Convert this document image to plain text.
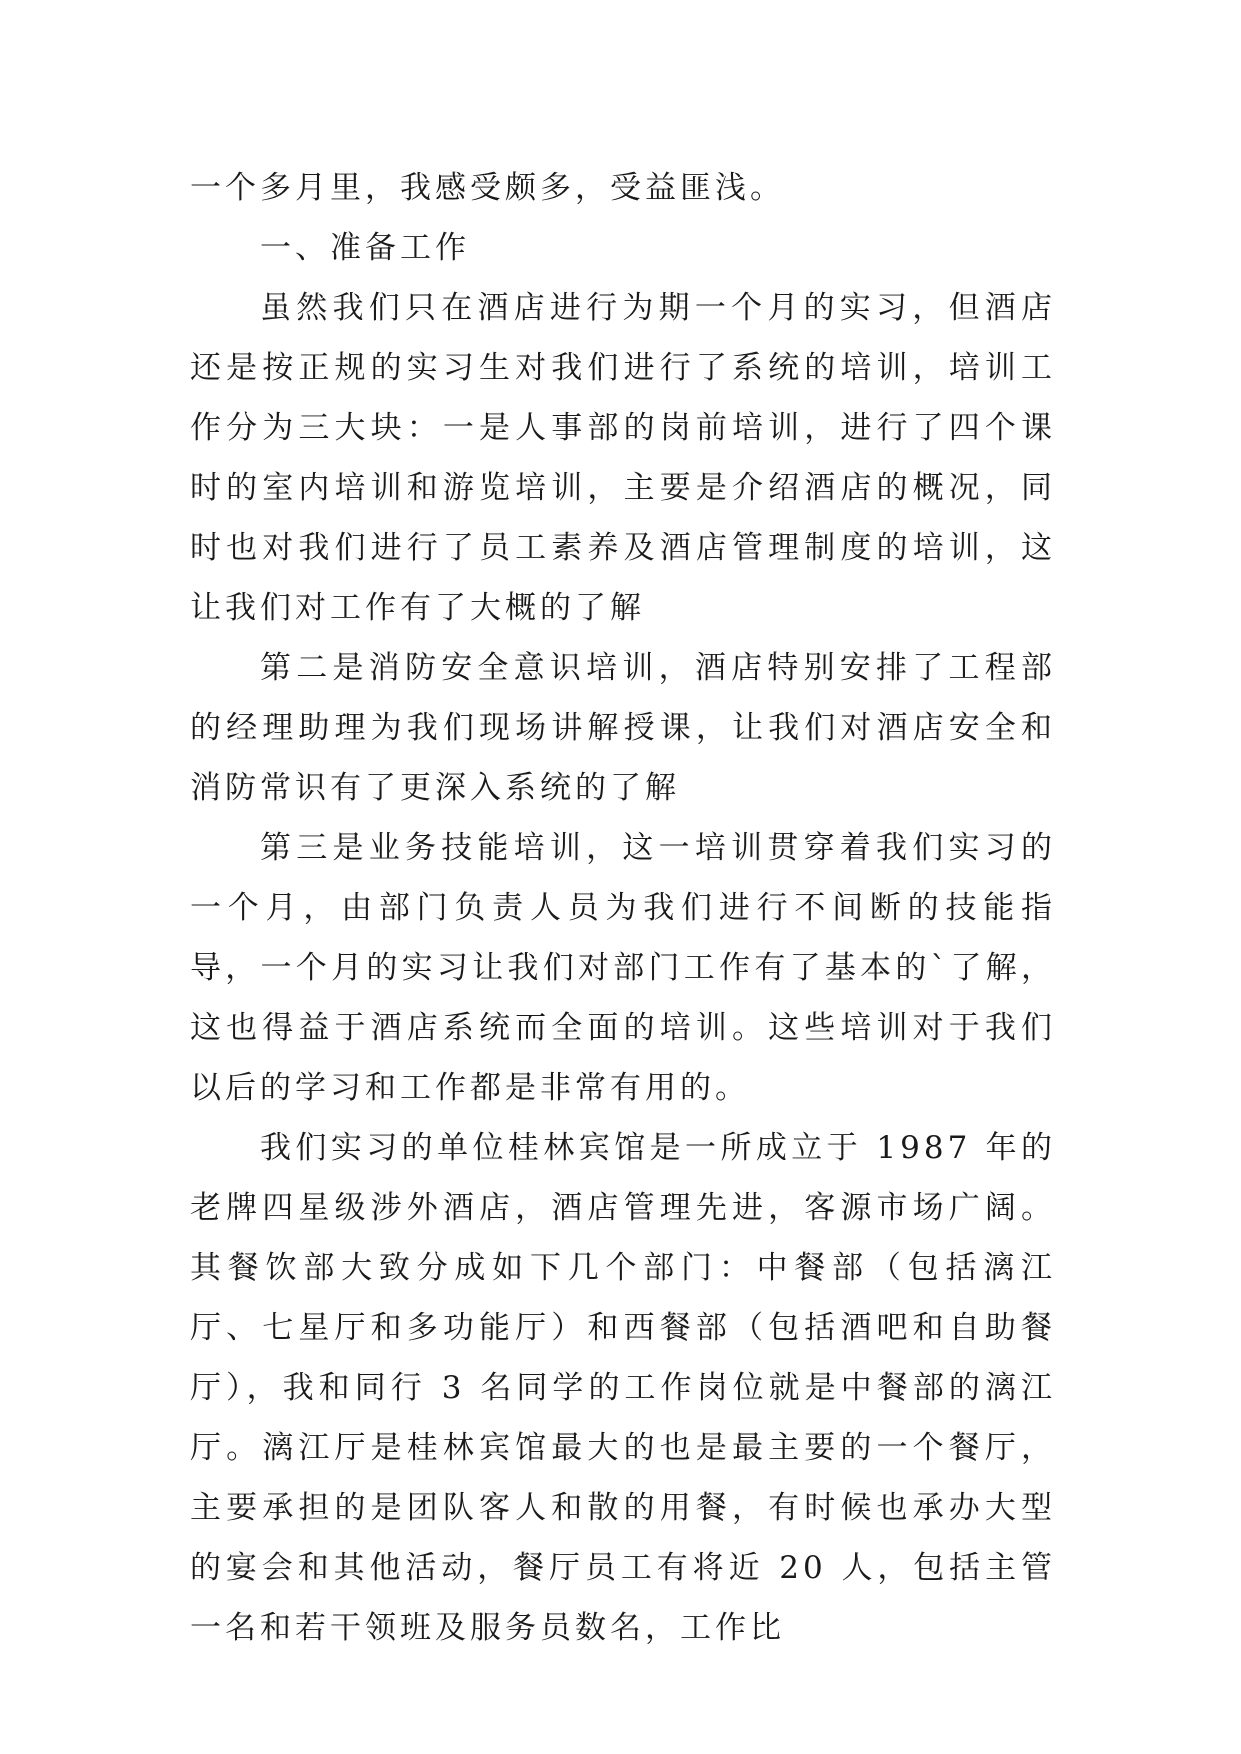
一个多月里，我感受颇多，受益匪浅。

一、准备工作

虽然我们只在酒店进行为期一个月的实习，但酒店还是按正规的实习生对我们进行了系统的培训，培训工作分为三大块：一是人事部的岗前培训，进行了四个课时的室内培训和游览培训，主要是介绍酒店的概况，同时也对我们进行了员工素养及酒店管理制度的培训，这让我们对工作有了大概的了解

第二是消防安全意识培训，酒店特别安排了工程部的经理助理为我们现场讲解授课，让我们对酒店安全和消防常识有了更深入系统的了解

第三是业务技能培训，这一培训贯穿着我们实习的一个月，由部门负责人员为我们进行不间断的技能指导，一个月的实习让我们对部门工作有了基本的`了解，这也得益于酒店系统而全面的培训。这些培训对于我们以后的学习和工作都是非常有用的。

我们实习的单位桂林宾馆是一所成立于 1987 年的老牌四星级涉外酒店，酒店管理先进，客源市场广阔。其餐饮部大致分成如下几个部门：中餐部（包括漓江厅、七星厅和多功能厅）和西餐部（包括酒吧和自助餐厅），我和同行 3 名同学的工作岗位就是中餐部的漓江厅。漓江厅是桂林宾馆最大的也是最主要的一个餐厅，主要承担的是团队客人和散的用餐，有时候也承办大型的宴会和其他活动，餐厅员工有将近 20 人，包括主管一名和若干领班及服务员数名，工作比
